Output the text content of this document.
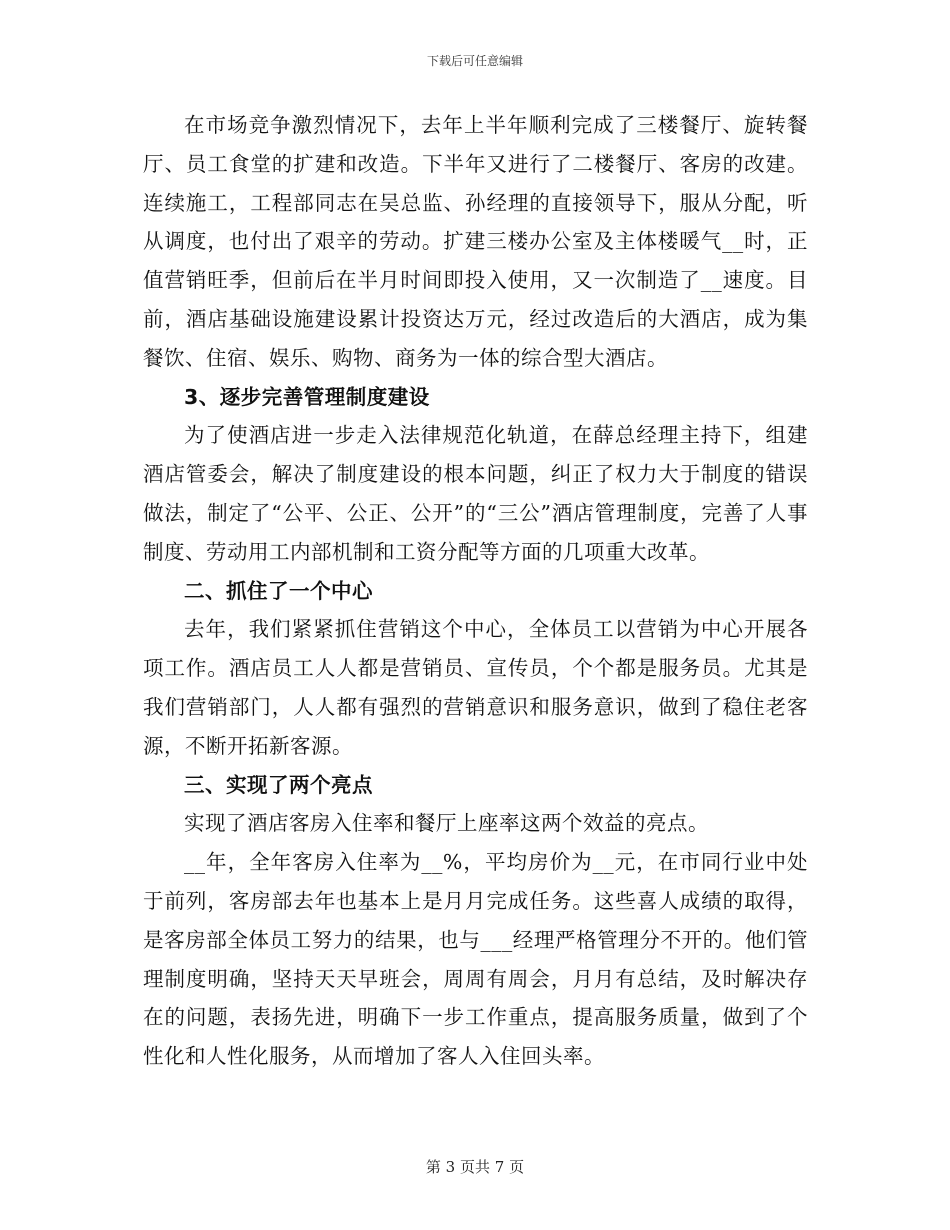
下载后可任意编辑

在市场竞争激烈情况下，去年上半年顺利完成了三楼餐厅、旋转餐厅、员工食堂的扩建和改造。下半年又进行了二楼餐厅、客房的改建。连续施工，工程部同志在吴总监、孙经理的直接领导下，服从分配，听从调度，也付出了艰辛的劳动。扩建三楼办公室及主体楼暖气__时，正值营销旺季，但前后在半月时间即投入使用，又一次制造了__速度。目前，酒店基础设施建设累计投资达万元，经过改造后的大酒店，成为集餐饮、住宿、娱乐、购物、商务为一体的综合型大酒店。

3、逐步完善管理制度建设

为了使酒店进一步走入法律规范化轨道，在薛总经理主持下，组建酒店管委会，解决了制度建设的根本问题，纠正了权力大于制度的错误做法，制定了“公平、公正、公开”的“三公”酒店管理制度，完善了人事制度、劳动用工内部机制和工资分配等方面的几项重大改革。

二、抓住了一个中心

去年，我们紧紧抓住营销这个中心，全体员工以营销为中心开展各项工作。酒店员工人人都是营销员、宣传员，个个都是服务员。尤其是我们营销部门，人人都有强烈的营销意识和服务意识，做到了稳住老客源，不断开拓新客源。

三、实现了两个亮点

实现了酒店客房入住率和餐厅上座率这两个效益的亮点。

__年，全年客房入住率为__%，平均房价为__元，在市同行业中处于前列，客房部去年也基本上是月月完成任务。这些喜人成绩的取得，是客房部全体员工努力的结果，也与___经理严格管理分不开的。他们管理制度明确，坚持天天早班会，周周有周会，月月有总结，及时解决存在的问题，表扬先进，明确下一步工作重点，提高服务质量，做到了个性化和人性化服务，从而增加了客人入住回头率。

第 3 页共 7 页
